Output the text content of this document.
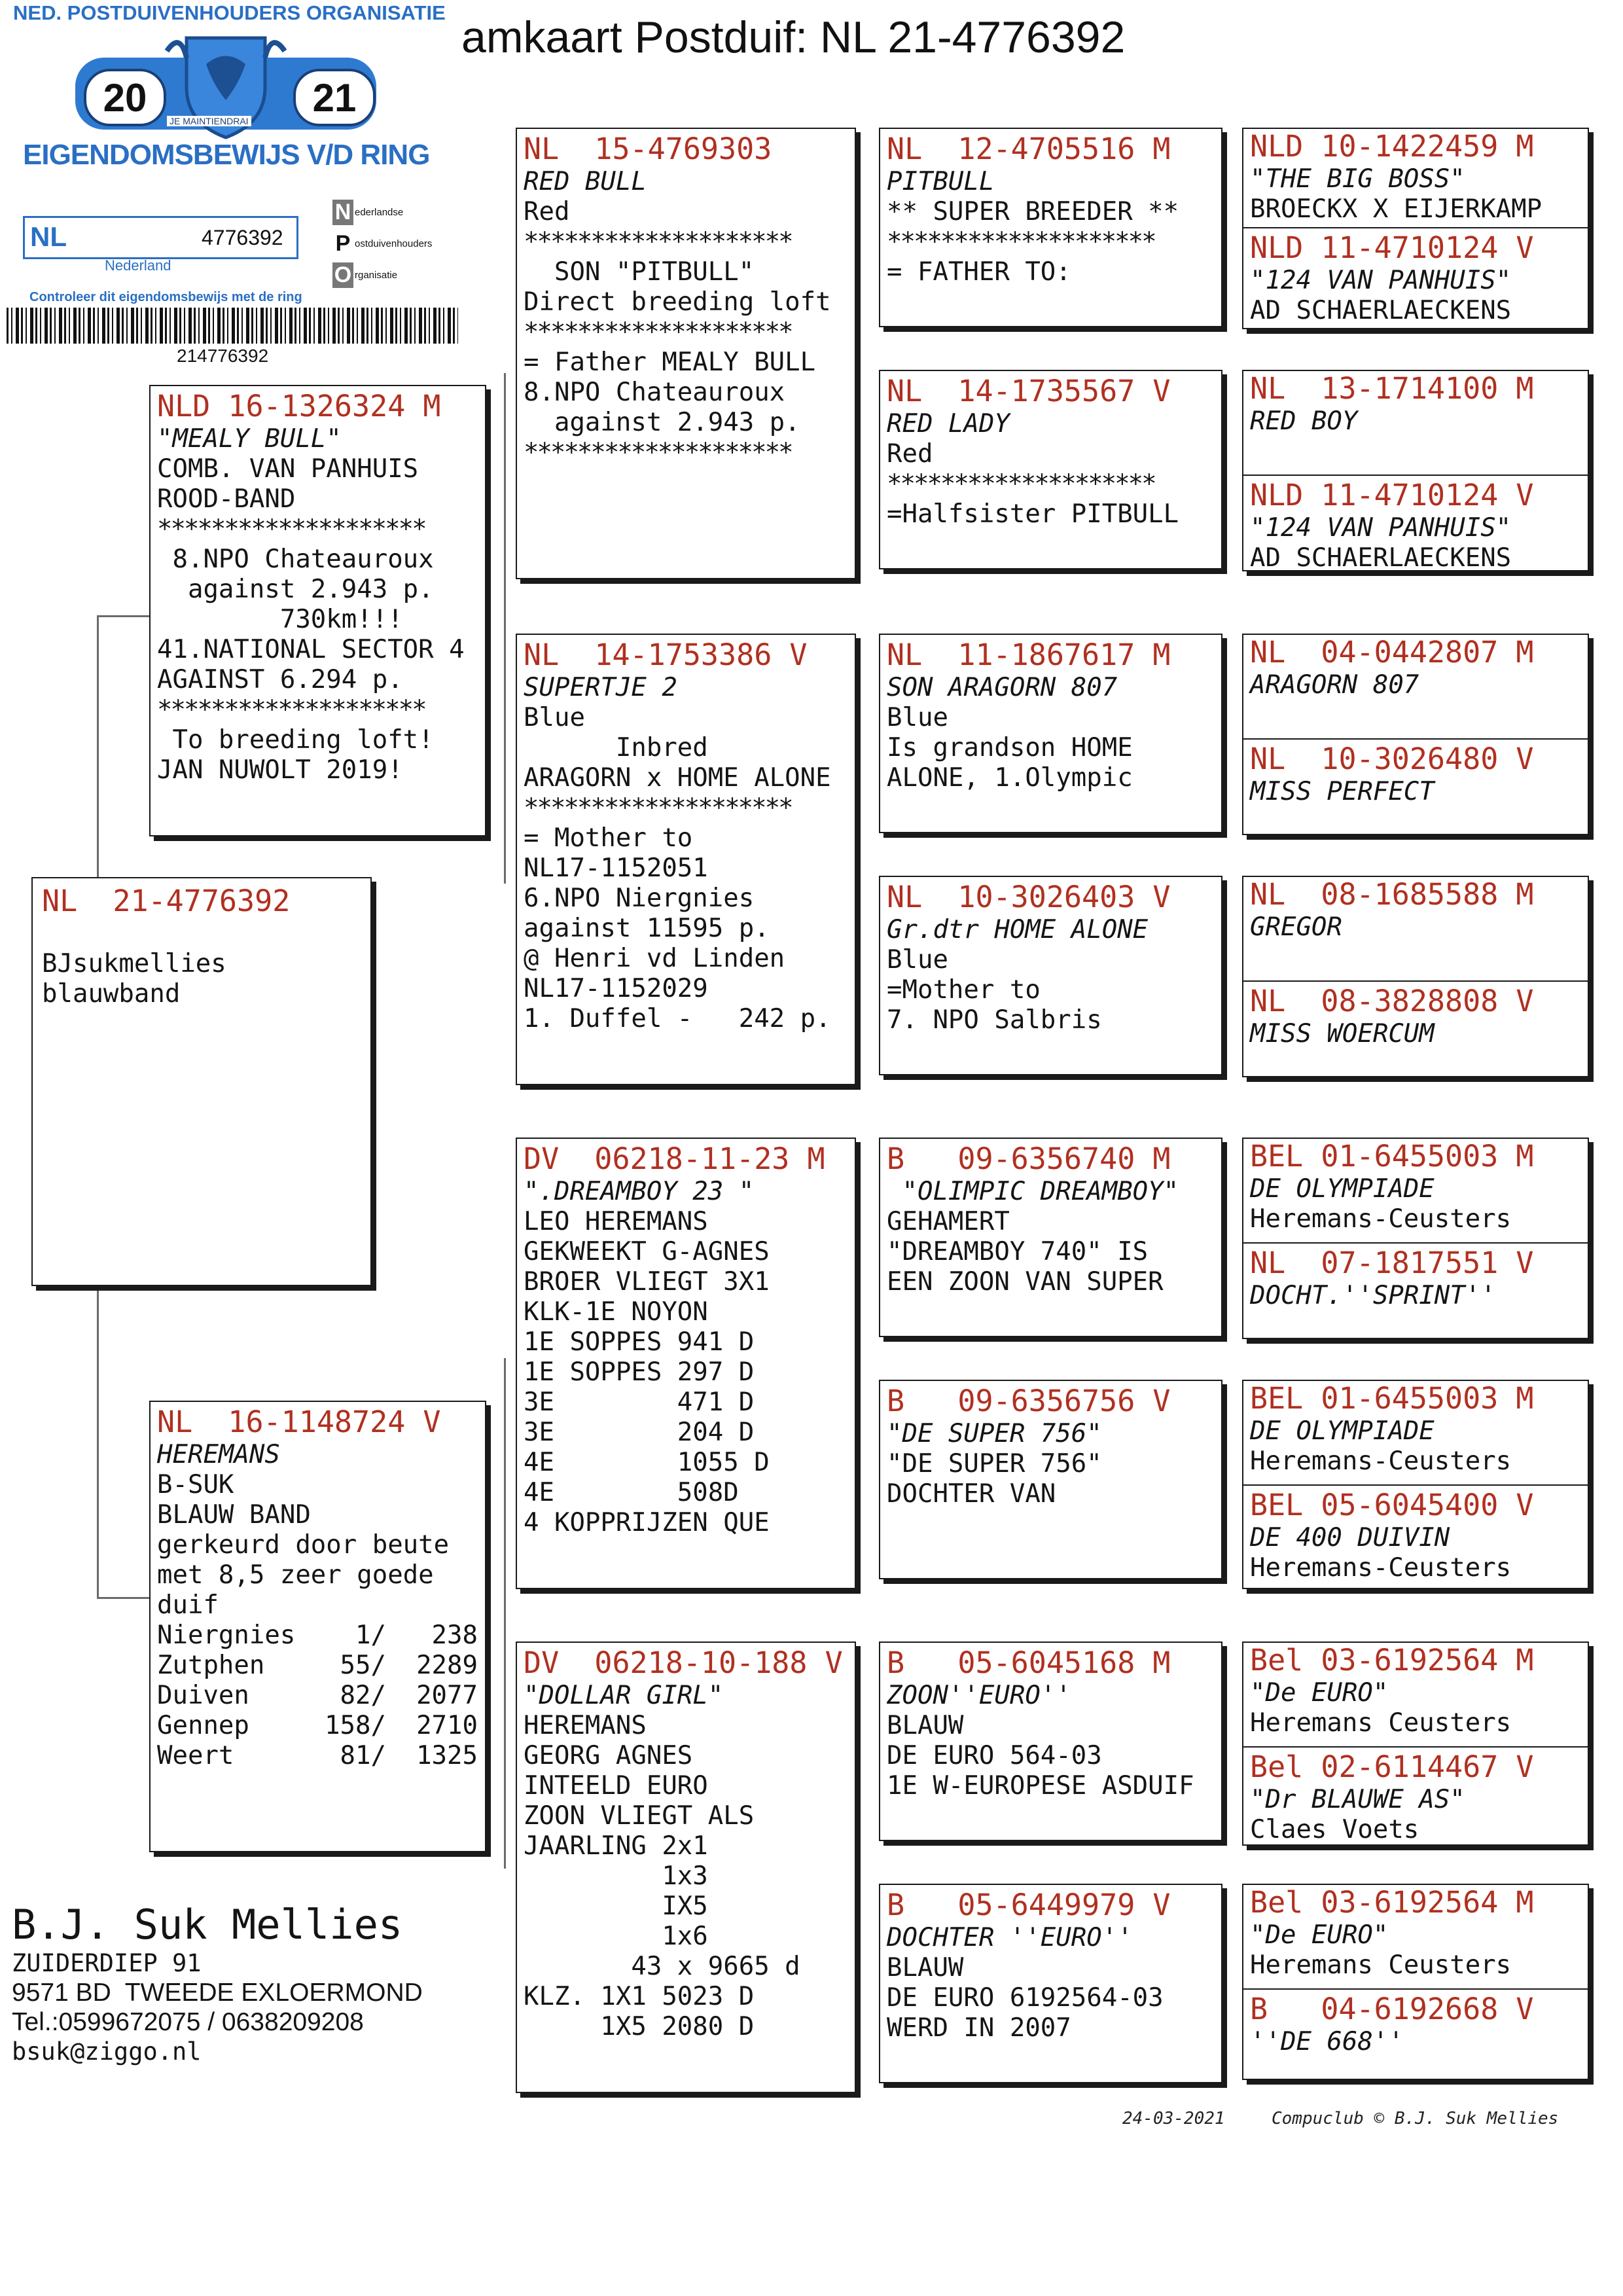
NED. POSTDUIVENHOUDERS ORGANISATIE
20	21
JE MAINTIENDRAI
EIGENDOMSBEWIJS V/D RING
NL	4776392
Nederland
N ederlandse
P ostduivenhouders
O rganisatie
Controleer dit eigendomsbewijs met de ring
214776392
amkaart Postduif: NL 21-4776392
NL  21-4776392

BJsukmellies
blauwband
NLD 16-1326324 M
"MEALY BULL"
COMB. VAN PANHUIS
ROOD-BAND
********************
8.NPO Chateauroux
against 2.943 p.
730km!!!
41.NATIONAL SECTOR 4
AGAINST 6.294 p.
********************
To breeding loft!
JAN NUWOLT 2019!
NL  16-1148724 V
HEREMANS
B-SUK
BLAUW BAND
gerkeurd door beute
met 8,5 zeer goede
duif
Niergnies	1/	238
Zutphen	55/	2289
Duiven	82/	2077
Gennep	158/	2710
Weert	81/	1325
B.J. Suk Mellies
ZUIDERDIEP 91
9571 BD  TWEEDE EXLOERMOND
Tel.:0599672075 / 0638209208
bsuk@ziggo.nl
NL  15-4769303
RED BULL
Red
********************
SON "PITBULL"
Direct breeding loft
********************
= Father MEALY BULL
8.NPO Chateauroux
against 2.943 p.
********************
NL  14-1753386 V
SUPERTJE 2
Blue
Inbred
ARAGORN x HOME ALONE
********************
= Mother to
NL17-1152051
6.NPO Niergnies
against 11595 p.
@ Henri vd Linden
NL17-1152029
1. Duffel -   242 p.
DV  06218-11-23 M
".DREAMBOY 23 "
LEO HEREMANS
GEKWEEKT G-AGNES
BROER VLIEGT 3X1
KLK-1E NOYON
1E SOPPES 941 D
1E SOPPES 297 D
3E        471 D
3E        204 D
4E        1055 D
4E        508D
4 KOPPRIJZEN QUE
DV  06218-10-188 V
"DOLLAR GIRL"
HEREMANS
GEORG AGNES
INTEELD EURO
ZOON VLIEGT ALS
JAARLING 2x1
1x3
IX5
1x6
43 x 9665 d
KLZ. 1X1 5023 D
1X5 2080 D
NL  12-4705516 M
PITBULL
** SUPER BREEDER **
********************
= FATHER TO:
NL  14-1735567 V
RED LADY
Red
********************
=Halfsister PITBULL
NL  11-1867617 M
SON ARAGORN 807
Blue
Is grandson HOME
ALONE, 1.Olympic
NL  10-3026403 V
Gr.dtr HOME ALONE
Blue
=Mother to
7. NPO Salbris
B   09-6356740 M
"OLIMPIC DREAMBOY"
GEHAMERT
"DREAMBOY 740" IS
EEN ZOON VAN SUPER
B   09-6356756 V
"DE SUPER 756"
"DE SUPER 756"
DOCHTER VAN
B   05-6045168 M
ZOON''EURO''
BLAUW
DE EURO 564-03
1E W-EUROPESE ASDUIF
B   05-6449979 V
DOCHTER ''EURO''
BLAUW
DE EURO 6192564-03
WERD IN 2007
NLD 10-1422459 M
"THE BIG BOSS"
BROECKX X EIJERKAMP
NLD 11-4710124 V
"124 VAN PANHUIS"
AD SCHAERLAECKENS
NL  13-1714100 M
RED BOY
NLD 11-4710124 V
"124 VAN PANHUIS"
AD SCHAERLAECKENS
NL  04-0442807 M
ARAGORN 807
NL  10-3026480 V
MISS PERFECT
NL  08-1685588 M
GREGOR
NL  08-3828808 V
MISS WOERCUM
BEL 01-6455003 M
DE OLYMPIADE
Heremans-Ceusters
NL  07-1817551 V
DOCHT.''SPRINT''
BEL 01-6455003 M
DE OLYMPIADE
Heremans-Ceusters
BEL 05-6045400 V
DE 400 DUIVIN
Heremans-Ceusters
Bel 03-6192564 M
"De EURO"
Heremans Ceusters
Bel 02-6114467 V
"Dr BLAUWE AS"
Claes Voets
Bel 03-6192564 M
"De EURO"
Heremans Ceusters
B   04-6192668 V
''DE 668''
24-03-2021	Compuclub © B.J. Suk Mellies
